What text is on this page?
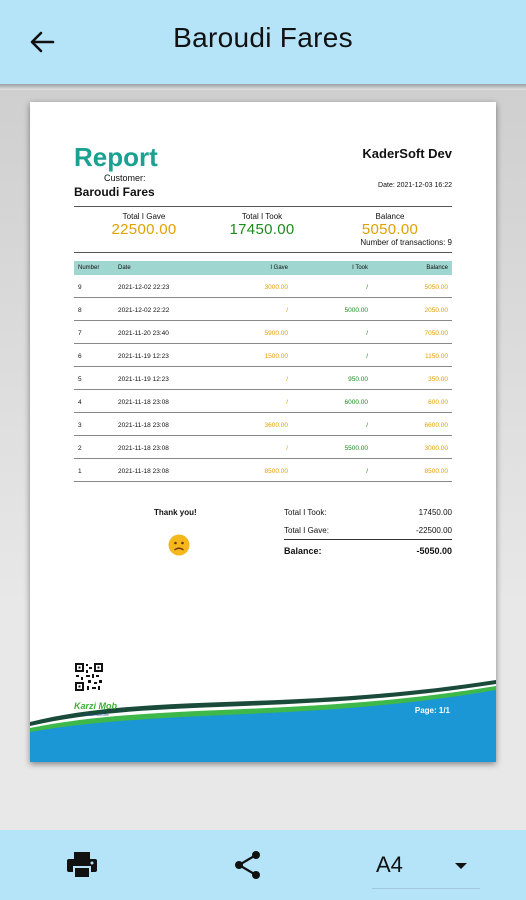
Baroudi Fares
Report	KaderSoft Dev
Customer:
Baroudi Fares	Date: 2021-12-03 16:22
Total I Gave
22500.00
Total I Took
17450.00
Balance
5050.00
Number of transactions: 9
Number	Date	I Gave	I Took	Balance
9	2021-12-02 22:23	3000.00	/	5050.00
8	2021-12-02 22:22	/	5000.00	2050.00
7	2021-11-20 23:40	5900.00	/	7050.00
6	2021-11-19 12:23	1500.00	/	1150.00
5	2021-11-19 12:23	/	950.00	350.00
4	2021-11-18 23:08	/	6000.00	600.00
3	2021-11-18 23:08	3600.00	/	6600.00
2	2021-11-18 23:08	/	5500.00	3000.00
1	2021-11-18 23:08	8500.00	/	8500.00
Thank you!	Total I Took:	17450.00
Total I Gave:	-22500.00
Balance:	-5050.00
Karzi Mob
KaderSoft Dev	Page: 1/1
A4
